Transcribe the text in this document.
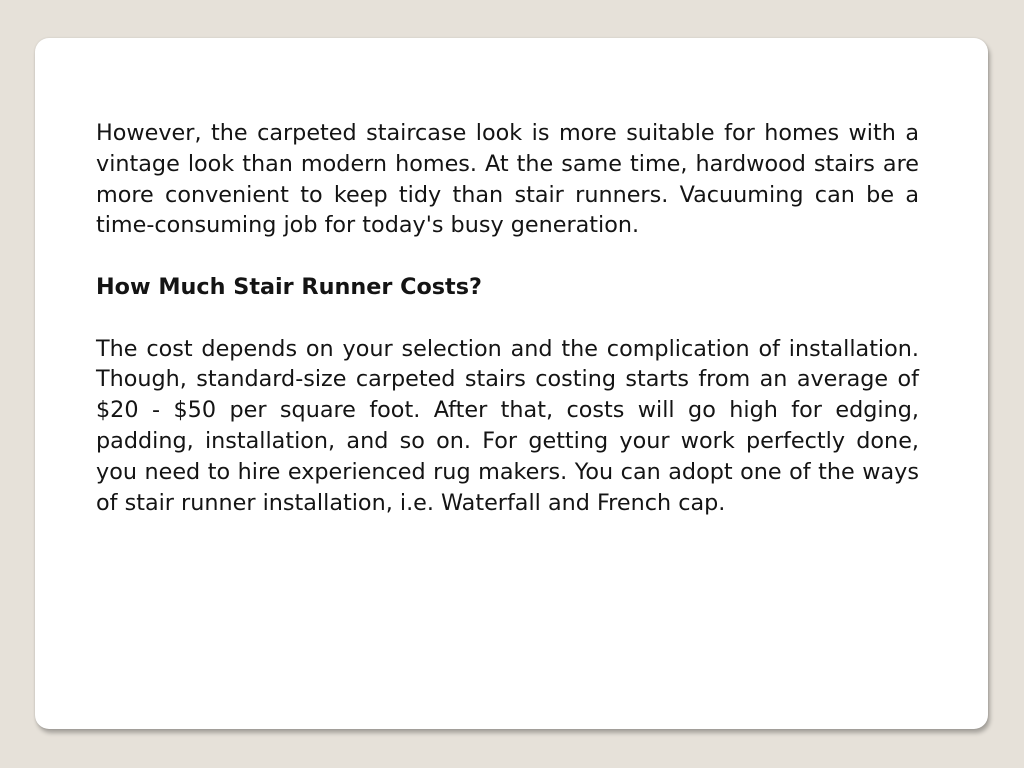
However, the carpeted staircase look is more suitable for homes with a vintage look than modern homes. At the same time, hardwood stairs are more convenient to keep tidy than stair runners. Vacuuming can be a time-consuming job for today's busy generation.

How Much Stair Runner Costs?

The cost depends on your selection and the complication of installation. Though, standard-size carpeted stairs costing starts from an average of $20 - $50 per square foot. After that, costs will go high for edging, padding, installation, and so on. For getting your work perfectly done, you need to hire experienced rug makers. You can adopt one of the ways of stair runner installation, i.e. Waterfall and French cap.
